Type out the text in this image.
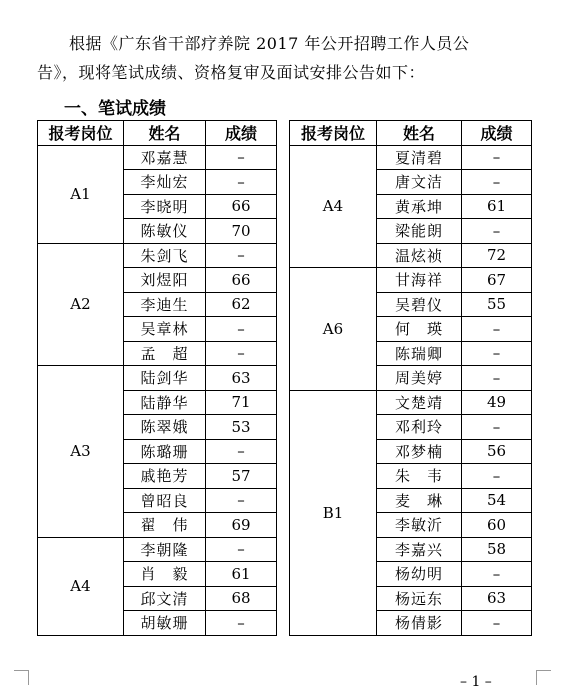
根据《广东省干部疗养院 2017 年公开招聘工作人员公
告》，现将笔试成绩、资格复审及面试安排公告如下：
一、笔试成绩
报考岗位	姓名	成绩
A1	邓嘉慧	–
	李灿宏	–
	李晓明	66
	陈敏仪	70
A2	朱剑飞	–
	刘煜阳	66
	李迪生	62
	吴章林	–
	孟　超	–
A3	陆剑华	63
	陆静华	71
	陈翠娥	53
	陈璐珊	–
	戚艳芳	57
	曾昭良	–
	翟　伟	69
A4	李朝隆	–
	肖　毅	61
	邱文清	68
	胡敏珊	–
报考岗位	姓名	成绩
A4	夏清碧	–
	唐文洁	–
	黄承坤	61
	梁能朗	–
	温炫祯	72
A6	甘海祥	67
	吴碧仪	55
	何　瑛	–
	陈瑞卿	–
	周美婷	–
B1	文楚靖	49
	邓利玲	–
	邓梦楠	56
	朱　韦	–
	麦　琳	54
	李敏沂	60
	李嘉兴	58
	杨幼明	–
	杨远东	63
	杨倩影	–
– 1 –
